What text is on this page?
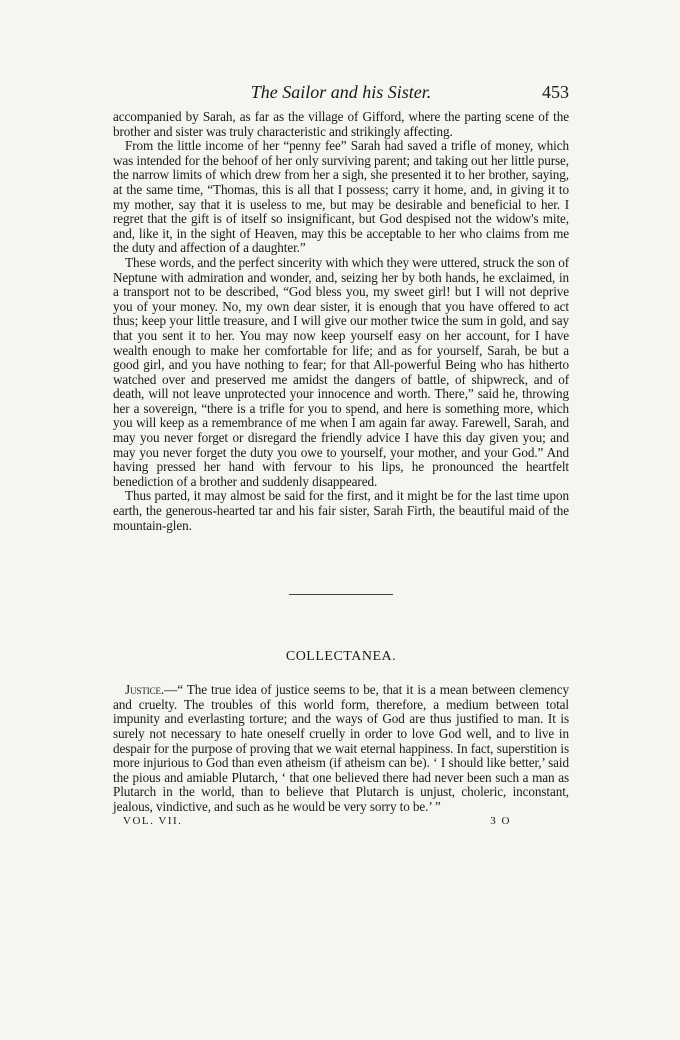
The Sailor and his Sister.	453

accompanied by Sarah, as far as the village of Gifford, where the parting scene of the brother and sister was truly characteristic and strikingly affecting.

From the little income of her “penny fee” Sarah had saved a trifle of money, which was intended for the behoof of her only surviving parent; and taking out her little purse, the narrow limits of which drew from her a sigh, she presented it to her brother, saying, at the same time, “Thomas, this is all that I possess; carry it home, and, in giving it to my mother, say that it is useless to me, but may be desirable and beneficial to her. I regret that the gift is of itself so insignificant, but God despised not the widow's mite, and, like it, in the sight of Heaven, may this be acceptable to her who claims from me the duty and affection of a daughter.”

These words, and the perfect sincerity with which they were uttered, struck the son of Neptune with admiration and wonder, and, seizing her by both hands, he exclaimed, in a transport not to be described, “God bless you, my sweet girl! but I will not deprive you of your money. No, my own dear sister, it is enough that you have offered to act thus; keep your little treasure, and I will give our mother twice the sum in gold, and say that you sent it to her. You may now keep yourself easy on her account, for I have wealth enough to make her comfortable for life; and as for yourself, Sarah, be but a good girl, and you have nothing to fear; for that All-powerful Being who has hitherto watched over and preserved me amidst the dangers of battle, of shipwreck, and of death, will not leave unprotected your innocence and worth. There,” said he, throwing her a sovereign, “there is a trifle for you to spend, and here is something more, which you will keep as a remembrance of me when I am again far away. Farewell, Sarah, and may you never forget or disregard the friendly advice I have this day given you; and may you never forget the duty you owe to yourself, your mother, and your God.” And having pressed her hand with fervour to his lips, he pronounced the heartfelt benediction of a brother and suddenly disappeared.

Thus parted, it may almost be said for the first, and it might be for the last time upon earth, the generous-hearted tar and his fair sister, Sarah Firth, the beautiful maid of the mountain-glen.

COLLECTANEA.

Justice.—“ The true idea of justice seems to be, that it is a mean between clemency and cruelty. The troubles of this world form, therefore, a medium between total impunity and everlasting torture; and the ways of God are thus justified to man. It is surely not necessary to hate oneself cruelly in order to love God well, and to live in despair for the purpose of proving that we wait eternal happiness. In fact, superstition is more injurious to God than even atheism (if atheism can be). ‘ I should like better,’ said the pious and amiable Plutarch, ‘ that one believed there had never been such a man as Plutarch in the world, than to believe that Plutarch is unjust, choleric, inconstant, jealous, vindictive, and such as he would be very sorry to be.’ ”

VOL. VII.	3 O
